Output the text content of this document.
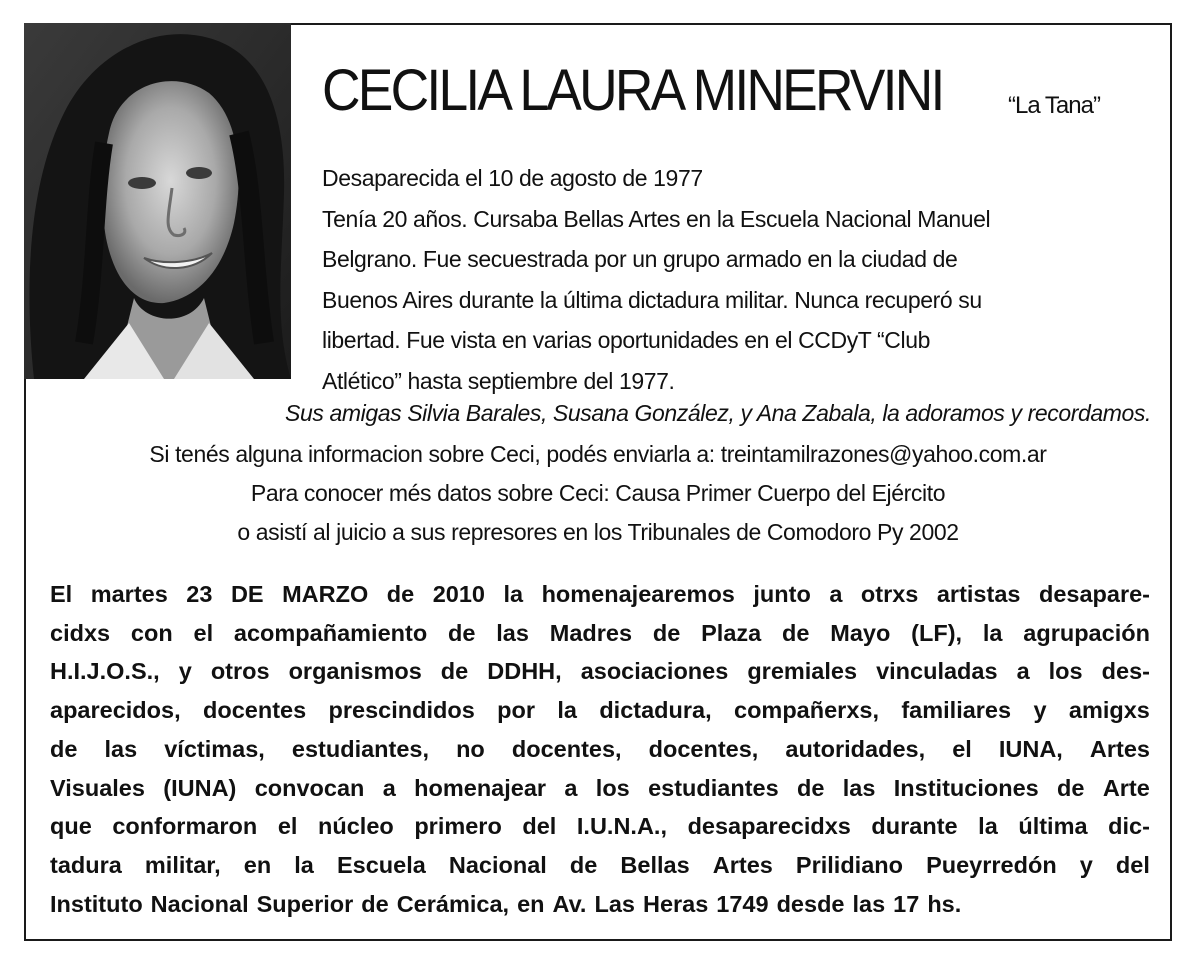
CECILIA LAURA MINERVINI	“La Tana”
Desaparecida el 10 de agosto de 1977
Tenía 20 años. Cursaba Bellas Artes en la Escuela Nacional Manuel
Belgrano. Fue secuestrada por un grupo armado en la ciudad de
Buenos Aires durante la última dictadura militar. Nunca recuperó su
libertad. Fue vista en varias oportunidades en el CCDyT “Club
Atlético” hasta septiembre del 1977.
Sus amigas Silvia Barales, Susana González, y Ana Zabala, la adoramos y recordamos.
Si tenés alguna informacion sobre Ceci, podés enviarla a: treintamilrazones@yahoo.com.ar
Para conocer més datos sobre Ceci: Causa Primer Cuerpo del Ejército
o asistí al juicio a sus represores en los Tribunales de Comodoro Py 2002
El martes 23 DE MARZO de 2010 la homenajearemos junto a otrxs artistas desapare-
cidxs con el acompañamiento de las Madres de Plaza de Mayo (LF), la agrupación
H.I.J.O.S., y otros organismos de DDHH, asociaciones gremiales vinculadas a los des-
aparecidos, docentes prescindidos por la dictadura, compañerxs, familiares y amigxs
de las víctimas, estudiantes, no docentes, docentes, autoridades, el IUNA, Artes
Visuales (IUNA) convocan a homenajear a los estudiantes de las Instituciones de Arte
que conformaron el núcleo primero del I.U.N.A., desaparecidxs durante la última dic-
tadura militar, en la Escuela Nacional de Bellas Artes Prilidiano Pueyrredón y del
Instituto Nacional Superior de Cerámica, en Av. Las Heras 1749 desde las 17 hs.
